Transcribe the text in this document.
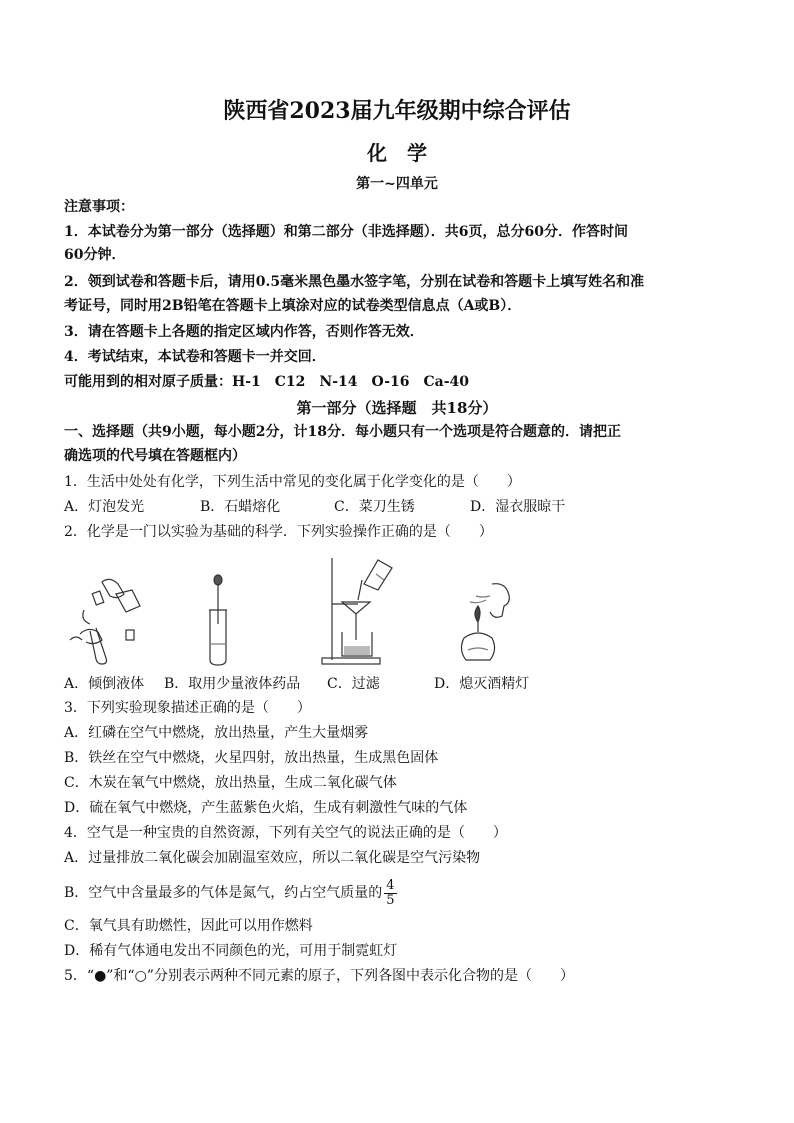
陕西省2023届九年级期中综合评估
化　学
第一~四单元
注意事项：
1．本试卷分为第一部分（选择题）和第二部分（非选择题）．共6页，总分60分．作答时间
60分钟．
2．领到试卷和答题卡后，请用0.5毫米黑色墨水签字笔，分别在试卷和答题卡上填写姓名和准
考证号，同时用2B铅笔在答题卡上填涂对应的试卷类型信息点（A或B）．
3．请在答题卡上各题的指定区域内作答，否则作答无效．
4．考试结束，本试卷和答题卡一并交回．
可能用到的相对原子质量：H-1　C12　N-14　O-16　Ca-40
第一部分（选择题　共18分）
一、选择题（共9小题，每小题2分，计18分．每小题只有一个选项是符合题意的．请把正
确选项的代号填在答题框内）
1．生活中处处有化学，下列生活中常见的变化属于化学变化的是（　　）
A．灯泡发光	B．石蜡熔化	C．菜刀生锈	D．湿衣服晾干
2．化学是一门以实验为基础的科学．下列实验操作正确的是（　　）
A．倾倒液体 B．取用少量液体药品 C．过滤	D．熄灭酒精灯
3．下列实验现象描述正确的是（　　）
A．红磷在空气中燃烧，放出热量，产生大量烟雾
B．铁丝在空气中燃烧，火星四射，放出热量，生成黑色固体
C．木炭在氧气中燃烧，放出热量，生成二氧化碳气体
D．硫在氧气中燃烧，产生蓝紫色火焰，生成有刺激性气味的气体
4．空气是一种宝贵的自然资源，下列有关空气的说法正确的是（　　）
A．过量排放二氧化碳会加剧温室效应，所以二氧化碳是空气污染物
B．空气中含量最多的气体是氮气，约占空气质量的 $\frac{4}{5}$
C．氧气具有助燃性，因此可以用作燃料
D．稀有气体通电发出不同颜色的光，可用于制霓虹灯
5．“●”和“○”分别表示两种不同元素的原子，下列各图中表示化合物的是（　　）
